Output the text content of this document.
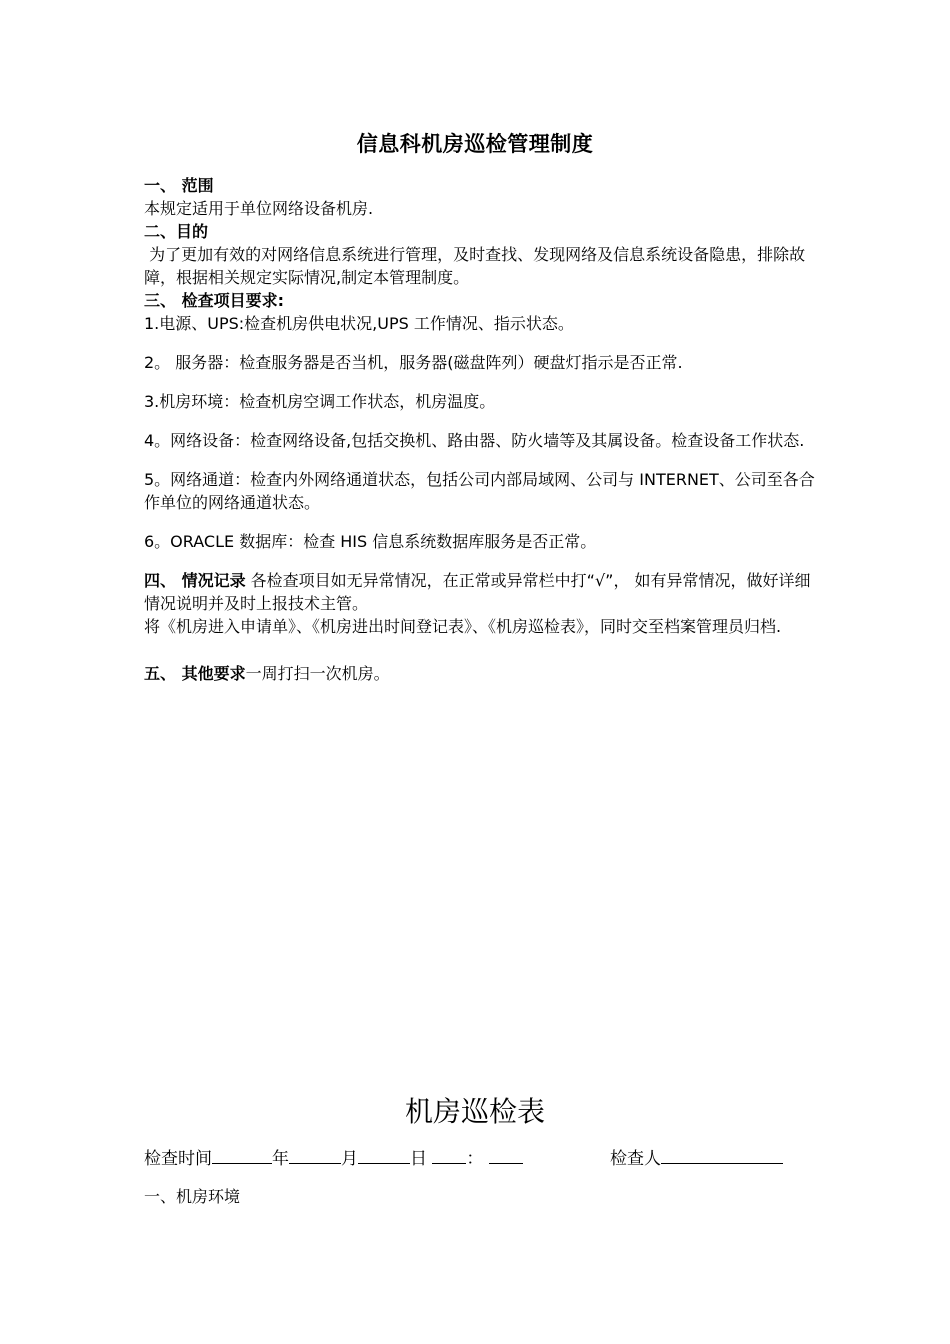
信息科机房巡检管理制度

一、 范围

本规定适用于单位网络设备机房.

二、目的

为了更加有效的对网络信息系统进行管理，及时查找、发现网络及信息系统设备隐患，排除故障，根据相关规定实际情况,制定本管理制度。

三、 检查项目要求:

1.电源、UPS:检查机房供电状况,UPS 工作情况、指示状态。

2。 服务器：检查服务器是否当机，服务器(磁盘阵列）硬盘灯指示是否正常.

3.机房环境：检查机房空调工作状态，机房温度。

4。网络设备：检查网络设备,包括交换机、路由器、防火墙等及其属设备。检查设备工作状态.

5。网络通道：检查内外网络通道状态，包括公司内部局域网、公司与 INTERNET、公司至各合作单位的网络通道状态。

6。ORACLE 数据库：检查 HIS 信息系统数据库服务是否正常。

四、 情况记录 各检查项目如无异常情况，在正常或异常栏中打“√”， 如有异常情况，做好详细情况说明并及时上报技术主管。

将《机房进入申请单》、《机房进出时间登记表》、《机房巡检表》，同时交至档案管理员归档.

五、 其他要求一周打扫一次机房。

机房巡检表
检查时间	年	月	日 ：	检查人
一、机房环境
